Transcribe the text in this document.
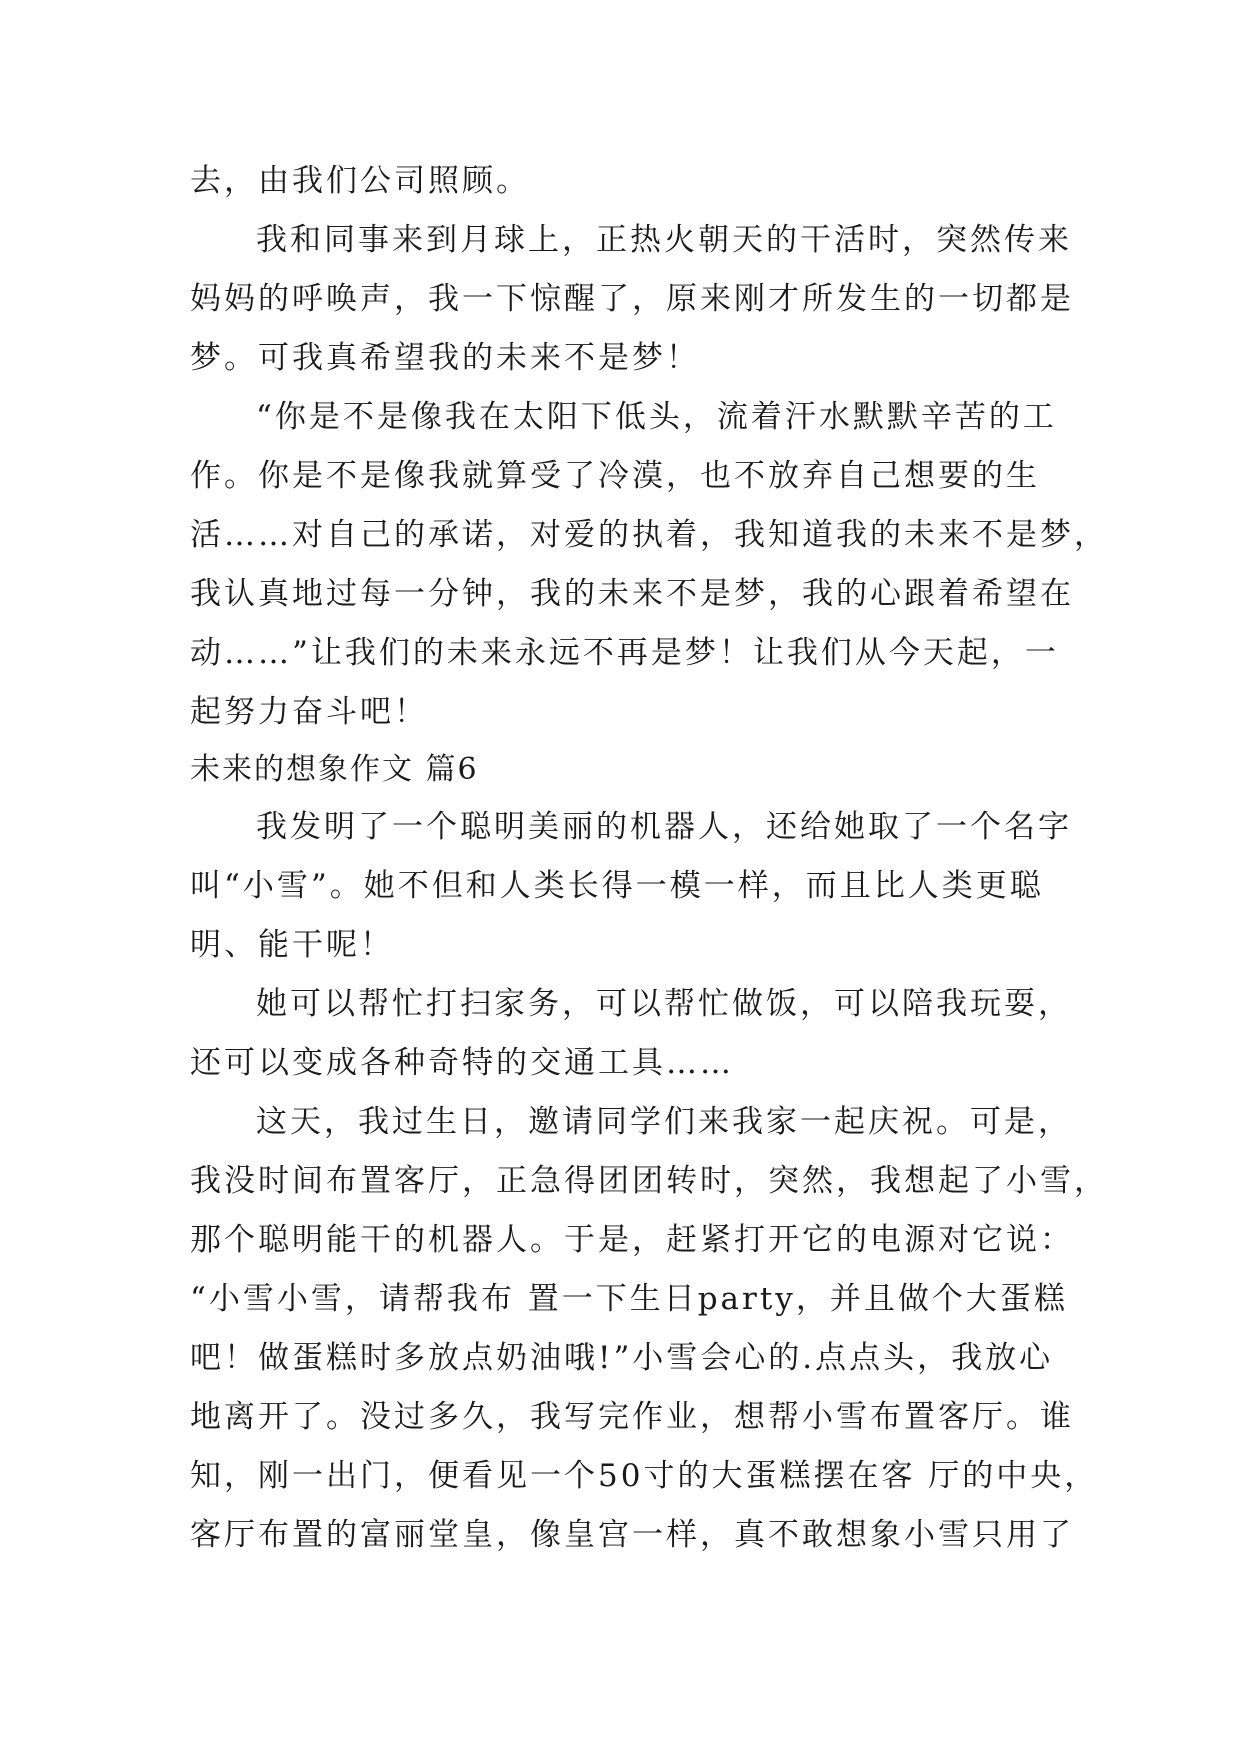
去，由我们公司照顾。
我和同事来到月球上，正热火朝天的干活时，突然传来
妈妈的呼唤声，我一下惊醒了，原来刚才所发生的一切都是
梦。可我真希望我的未来不是梦！
“你是不是像我在太阳下低头，流着汗水默默辛苦的工
作。你是不是像我就算受了冷漠，也不放弃自己想要的生
活……对自己的承诺，对爱的执着，我知道我的未来不是梦，
我认真地过每一分钟，我的未来不是梦，我的心跟着希望在
动……”让我们的未来永远不再是梦！让我们从今天起，一
起努力奋斗吧！
未来的想象作文 篇6
我发明了一个聪明美丽的机器人，还给她取了一个名字
叫“小雪”。她不但和人类长得一模一样，而且比人类更聪
明、能干呢！
她可以帮忙打扫家务，可以帮忙做饭，可以陪我玩耍，
还可以变成各种奇特的交通工具……
这天，我过生日，邀请同学们来我家一起庆祝。可是，
我没时间布置客厅，正急得团团转时，突然，我想起了小雪，
那个聪明能干的机器人。于是，赶紧打开它的电源对它说：
“小雪小雪，请帮我布 置一下生日party，并且做个大蛋糕
吧！做蛋糕时多放点奶油哦!”小雪会心的.点点头，我放心
地离开了。没过多久，我写完作业，想帮小雪布置客厅。谁
知，刚一出门，便看见一个50寸的大蛋糕摆在客 厅的中央，
客厅布置的富丽堂皇，像皇宫一样，真不敢想象小雪只用了
